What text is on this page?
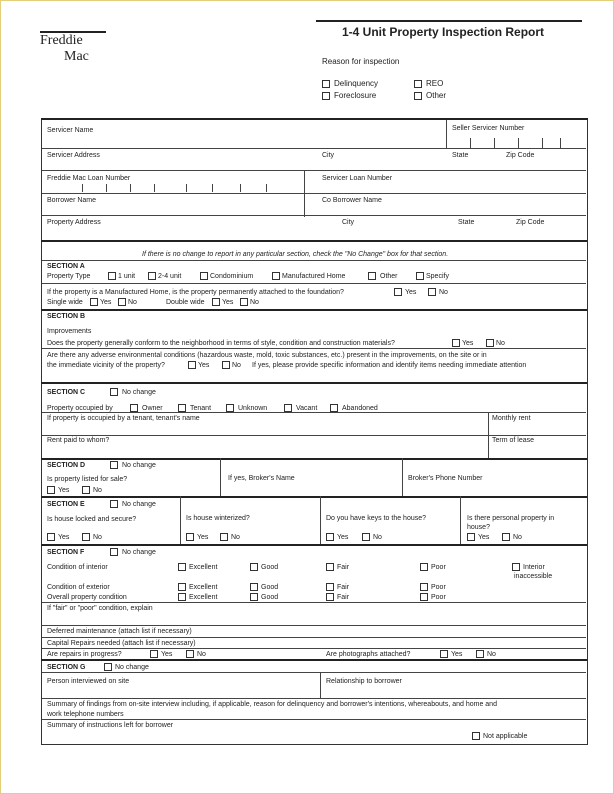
Freddie
Mac
1-4 Unit Property Inspection Report
Reason for inspection
Delinquency	REO
Foreclosure	Other
Servicer Name	Seller Servicer Number
Servicer Address	City	State	Zip Code
Freddie Mac Loan Number	Servicer Loan Number
Borrower Name	Co Borrower Name
Property Address	City	State	Zip Code
If there is no change to report in any particular section, check the "No Change" box for that section.
SECTION A
Property Type	1 unit	2-4 unit	Condominium	Manufactured Home	Other	Specify
If the property is a Manufactured Home, is the property permanently attached to the foundation?	Yes	No
Single wide Yes No	Double wide Yes No
SECTION B
Improvements
Does the property generally conform to the neighborhood in terms of style, condition and construction materials?	Yes	No
Are there any adverse environmental conditions (hazardous waste, mold, toxic substances, etc.) present in the improvements, on the site or in
the immediate vicinity of the property?	Yes	No If yes, please provide specific information and identify items needing immediate attention
SECTION C	No change
Property occupied by	Owner	Tenant	Unknown	Vacant	Abandoned
If property is occupied by a tenant, tenant's name	Monthly rent
Rent paid to whom?	Term of lease
SECTION D	No change
Is property listed for sale?
Yes	No
If yes, Broker's Name	Broker's Phone Number
SECTION E	No change
Is house locked and secure?
Yes	No
Is house winterized?
Yes	No
Do you have keys to the house?
Yes	No
Is there personal property in
house?
Yes	No
SECTION F	No change
Condition of interior	Excellent	Good	Fair	Poor	Interior
inaccessible
Condition of exterior	Excellent	Good	Fair	Poor
Overall property condition	Excellent	Good	Fair	Poor
If "fair" or "poor" condition, explain
Deferred maintenance (attach list if necessary)
Capital Repairs needed (attach list if necessary)
Are repairs in progress?	Yes	No	Are photographs attached?	Yes	No
SECTION G	No change
Person interviewed on site	Relationship to borrower
Summary of findings from on-site interview including, if applicable, reason for delinquency and borrower's intentions, whereabouts, and home and
work telephone numbers
Summary of instructions left for borrower
Not applicable
